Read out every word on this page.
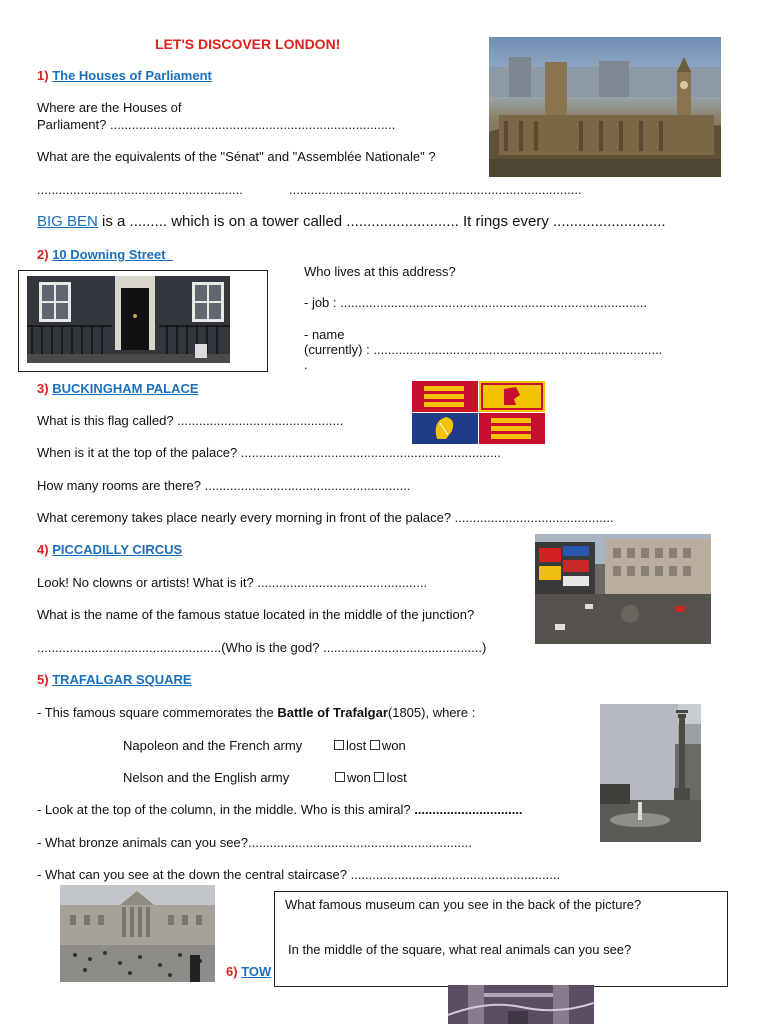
LET'S DISCOVER LONDON!
1) The Houses of Parliament
Where are the Houses of
Parliament? ...............................................................................
What are the equivalents of the "Sénat" and "Assemblée Nationale" ?
.........................................................	.................................................................................
BIG BEN is a ......... which is on a tower called ........................... It rings every ...........................
2) 10 Downing Street
Who lives at this address?
- job : .....................................................................................
- name
(currently) : ................................................................................
.
3) BUCKINGHAM PALACE
What is this flag called? ..............................................
When is it at the top of the palace? ........................................................................
How many rooms are there? .........................................................
What ceremony takes place nearly every morning in front of the palace? ............................................
4) PICCADILLY CIRCUS
Look! No clowns or artists! What is it? ...............................................
What is the name of the famous statue located in the middle of the junction?
...................................................(Who is the god? ............................................)
5) TRAFALGAR SQUARE
- This famous square commemorates the Battle of Trafalgar(1805), where :
Napoleon and the French army	lost won
Nelson and the English army	won lost
- Look at the top of the column, in the middle. Who is this amiral? ..............................
- What bronze animals can you see?..............................................................
- What can you see at the down the central staircase? ..........................................................
What famous museum can you see in the back of the picture?
In the middle of the square, what real animals can you see?
6) TOW
